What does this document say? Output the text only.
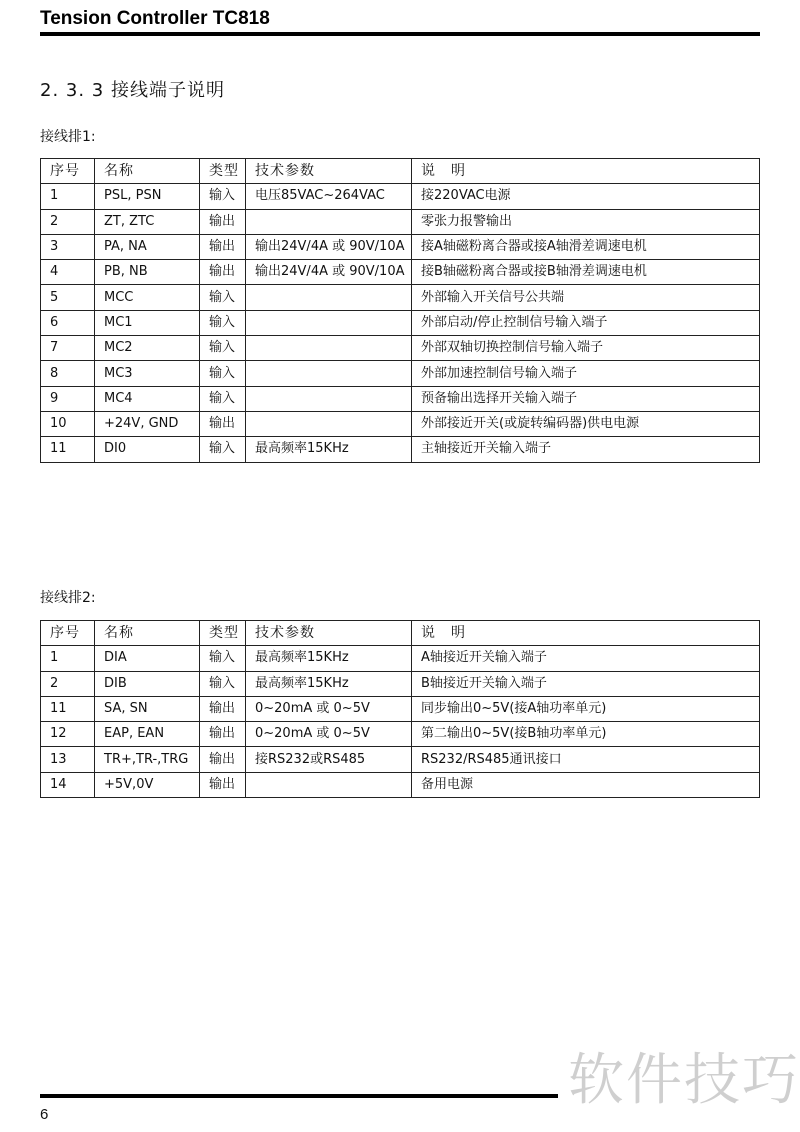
Tension Controller TC818
2. 3. 3 接线端子说明
接线排1:
序号	名称	类型	技术参数	说　明
1	PSL, PSN	输入	电压85VAC~264VAC	接220VAC电源
2	ZT, ZTC	输出		零张力报警输出
3	PA, NA	输出	输出24V/4A 或 90V/10A	接A轴磁粉离合器或接A轴滑差调速电机
4	PB, NB	输出	输出24V/4A 或 90V/10A	接B轴磁粉离合器或接B轴滑差调速电机
5	MCC	输入		外部输入开关信号公共端
6	MC1	输入		外部启动/停止控制信号输入端子
7	MC2	输入		外部双轴切换控制信号输入端子
8	MC3	输入		外部加速控制信号输入端子
9	MC4	输入		预备输出选择开关输入端子
10	+24V, GND	输出		外部接近开关(或旋转编码器)供电电源
11	DI0	输入	最高频率15KHz	主轴接近开关输入端子
接线排2:
序号	名称	类型	技术参数	说　明
1	DIA	输入	最高频率15KHz	A轴接近开关输入端子
2	DIB	输入	最高频率15KHz	B轴接近开关输入端子
11	SA, SN	输出	0~20mA 或 0~5V	同步输出0~5V(接A轴功率单元)
12	EAP, EAN	输出	0~20mA 或 0~5V	第二输出0~5V(接B轴功率单元)
13	TR+,TR-,TRG	输出	接RS232或RS485	RS232/RS485通讯接口
14	+5V,0V	输出		备用电源
软件技巧
6
